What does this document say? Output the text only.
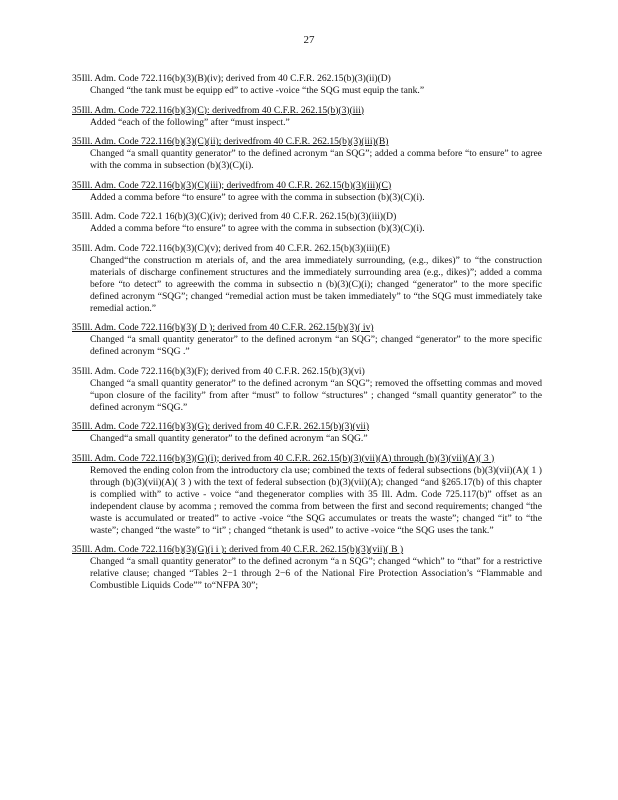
27
35Ill. Adm. Code 722.116(b)(3)(B)(iv); derived from 40 C.F.R. 262.15(b)(3)(ii)(D)
Changed “the tank must be equipp ed” to active -voice “the SQG must equip the tank.”
35Ill. Adm. Code 722.116(b)(3)(C): derivedfrom 40 C.F.R. 262.15(b)(3)(iii)
Added “each of the following” after “must inspect.”
35Ill. Adm. Code 722.116(b)(3)(C)(ii); derivedfrom 40 C.F.R. 262.15(b)(3)(iii)(B)
Changed “a small quantity generator” to the defined acronym “an SQG”; added a comma before “to ensure” to agree with the comma in subsection (b)(3)(C)(i).
35Ill. Adm. Code 722.116(b)(3)(C)(iii); derivedfrom 40 C.F.R. 262.15(b)(3)(iii)(C)
Added a comma before “to ensure” to agree with the comma in subsection (b)(3)(C)(i).
35Ill. Adm. Code 722.1 16(b)(3)(C)(iv); derived from 40 C.F.R. 262.15(b)(3)(iii)(D)
Added a comma before “to ensure” to agree with the comma in subsection (b)(3)(C)(i).
35Ill. Adm. Code 722.116(b)(3)(C)(v); derived from 40 C.F.R. 262.15(b)(3)(iii)(E)
Changed“the construction m aterials of, and the area immediately surrounding, (e.g., dikes)” to “the construction materials of discharge confinement structures and the immediately surrounding area (e.g., dikes)”; added a comma before “to detect” to agreewith the comma in subsectio n (b)(3)(C)(i); changed “generator” to the more specific defined acronym “SQG”; changed “remedial action must be taken immediately” to “the SQG must immediately take remedial action.”
35Ill. Adm. Code 722.116(b)(3)( D ); derived from 40 C.F.R. 262.15(b)(3)( iv)
Changed “a small quantity generator” to the defined acronym “an SQG”; changed “generator” to the more specific defined acronym “SQG .”
35Ill. Adm. Code 722.116(b)(3)(F); derived from 40 C.F.R. 262.15(b)(3)(vi)
Changed “a small quantity generator” to the defined acronym “an SQG”; removed the offsetting commas and moved “upon closure of the facility” from after “must” to follow “structures” ; changed “small quantity generator” to the defined acronym “SQG.”
35Ill. Adm. Code 722.116(b)(3)(G); derived from 40 C.F.R. 262.15(b)(3)(vii)
Changed“a small quantity generator” to the defined acronym “an SQG.”
35Ill. Adm. Code 722.116(b)(3)(G)(i); derived from 40 C.F.R. 262.15(b)(3)(vii)(A) through (b)(3)(vii)(A)( 3 )
Removed the ending colon from the introductory cla use; combined the texts of federal subsections (b)(3)(vii)(A)( 1 ) through (b)(3)(vii)(A)( 3 ) with the text of federal subsection (b)(3)(vii)(A); changed “and §265.17(b) of this chapter is complied with” to active - voice “and thegenerator complies with 35 Ill. Adm. Code 725.117(b)” offset as an independent clause by acomma ; removed the comma from between the first and second requirements; changed “the waste is accumulated or treated” to active -voice “the SQG accumulates or treats the waste”; changed “it” to “the waste”; changed “the waste” to “it” ; changed “thetank is used” to active -voice “the SQG uses the tank.”
35Ill. Adm. Code 722.116(b)(3)(G)(i i ); derived from 40 C.F.R. 262.15(b)(3)(vii)( B )
Changed “a small quantity generator” to the defined acronym “a n SQG”; changed “which” to “that” for a restrictive relative clause; changed “Tables 2−1 through 2−6 of the National Fire Protection Association’s “Flammable and Combustible Liquids Code”” to“NFPA 30”;
